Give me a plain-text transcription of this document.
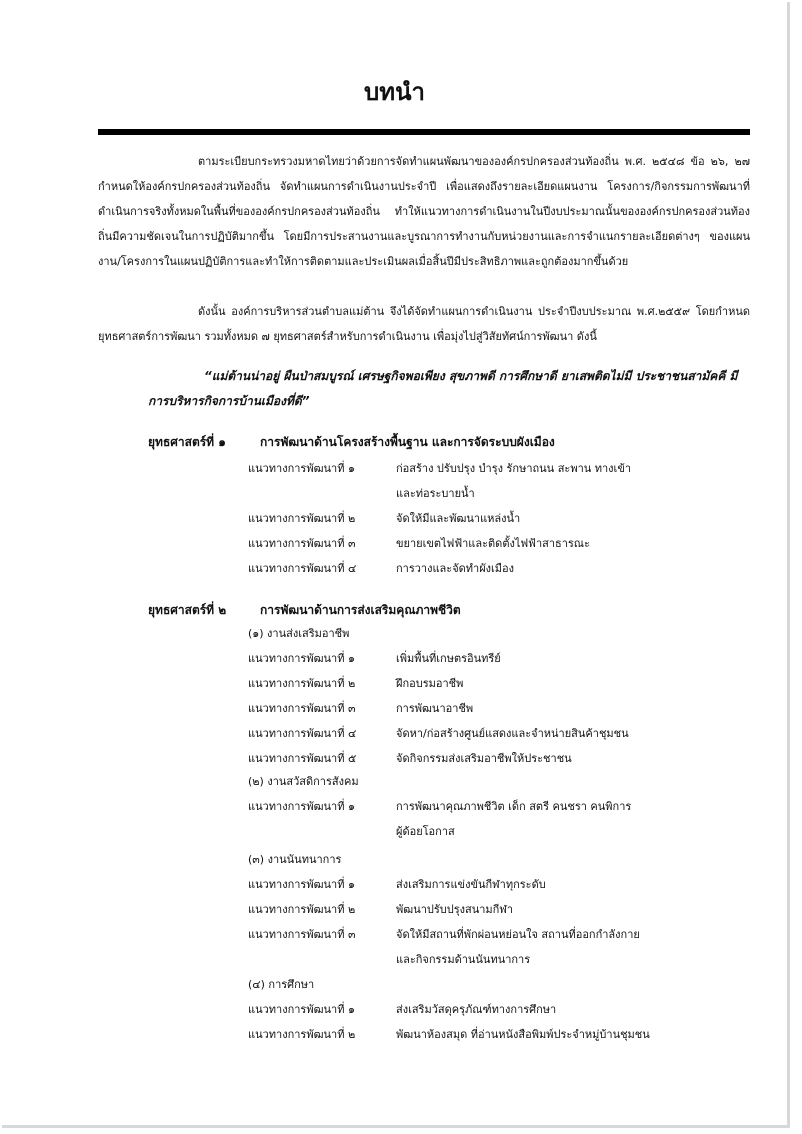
บทนำ

ตามระเบียบกระทรวงมหาดไทยว่าด้วยการจัดทำแผนพัฒนาขององค์กรปกครองส่วนท้องถิ่น พ.ศ. ๒๕๔๘ ข้อ ๒๖, ๒๗ กำหนดให้องค์กรปกครองส่วนท้องถิ่น จัดทำแผนการดำเนินงานประจำปี เพื่อแสดงถึงรายละเอียดแผนงาน โครงการ/กิจกรรมการพัฒนาที่ดำเนินการจริงทั้งหมดในพื้นที่ขององค์กรปกครองส่วนท้องถิ่น ทำให้แนวทางการดำเนินงานในปีงบประมาณนั้นขององค์กรปกครองส่วนท้องถิ่นมีความชัดเจนในการปฏิบัติมากขึ้น โดยมีการประสานงานและบูรณาการทำงานกับหน่วยงานและการจำแนกรายละเอียดต่างๆ ของแผนงาน/โครงการในแผนปฏิบัติการและทำให้การติดตามและประเมินผลเมื่อสิ้นปีมีประสิทธิภาพและถูกต้องมากขึ้นด้วย

ดังนั้น องค์การบริหารส่วนตำบลแม่ต้าน จึงได้จัดทำแผนการดำเนินงาน ประจำปีงบประมาณ พ.ศ.๒๕๕๙ โดยกำหนดยุทธศาสตร์การพัฒนา รวมทั้งหมด ๗ ยุทธศาสตร์สำหรับการดำเนินงาน เพื่อมุ่งไปสู่วิสัยทัศน์การพัฒนา ดังนี้

“แม่ต้านน่าอยู่ ผืนป่าสมบูรณ์ เศรษฐกิจพอเพียง สุขภาพดี การศึกษาดี ยาเสพติดไม่มี ประชาชนสามัคคี มีการบริหารกิจการบ้านเมืองที่ดี”

ยุทธศาสตร์ที่ ๑	การพัฒนาด้านโครงสร้างพื้นฐาน และการจัดระบบผังเมือง
แนวทางการพัฒนาที่ ๑	ก่อสร้าง ปรับปรุง บำรุง รักษาถนน สะพาน ทางเข้า
และท่อระบายน้ำ
แนวทางการพัฒนาที่ ๒	จัดให้มีและพัฒนาแหล่งน้ำ
แนวทางการพัฒนาที่ ๓	ขยายเขตไฟฟ้าและติดตั้งไฟฟ้าสาธารณะ
แนวทางการพัฒนาที่ ๔	การวางและจัดทำผังเมือง
ยุทธศาสตร์ที่ ๒	การพัฒนาด้านการส่งเสริมคุณภาพชีวิต
(๑) งานส่งเสริมอาชีพ
แนวทางการพัฒนาที่ ๑	เพิ่มพื้นที่เกษตรอินทรีย์
แนวทางการพัฒนาที่ ๒	ฝึกอบรมอาชีพ
แนวทางการพัฒนาที่ ๓	การพัฒนาอาชีพ
แนวทางการพัฒนาที่ ๔	จัดหา/ก่อสร้างศูนย์แสดงและจำหน่ายสินค้าชุมชน
แนวทางการพัฒนาที่ ๕	จัดกิจกรรมส่งเสริมอาชีพให้ประชาชน
(๒) งานสวัสดิการสังคม
แนวทางการพัฒนาที่ ๑	การพัฒนาคุณภาพชีวิต เด็ก สตรี คนชรา คนพิการ
ผู้ด้อยโอกาส
(๓) งานนันทนาการ
แนวทางการพัฒนาที่ ๑	ส่งเสริมการแข่งขันกีฬาทุกระดับ
แนวทางการพัฒนาที่ ๒	พัฒนาปรับปรุงสนามกีฬา
แนวทางการพัฒนาที่ ๓	จัดให้มีสถานที่พักผ่อนหย่อนใจ สถานที่ออกกำลังกาย
และกิจกรรมด้านนันทนาการ
(๔) การศึกษา
แนวทางการพัฒนาที่ ๑	ส่งเสริมวัสดุครุภัณฑ์ทางการศึกษา
แนวทางการพัฒนาที่ ๒	พัฒนาห้องสมุด ที่อ่านหนังสือพิมพ์ประจำหมู่บ้านชุมชน
